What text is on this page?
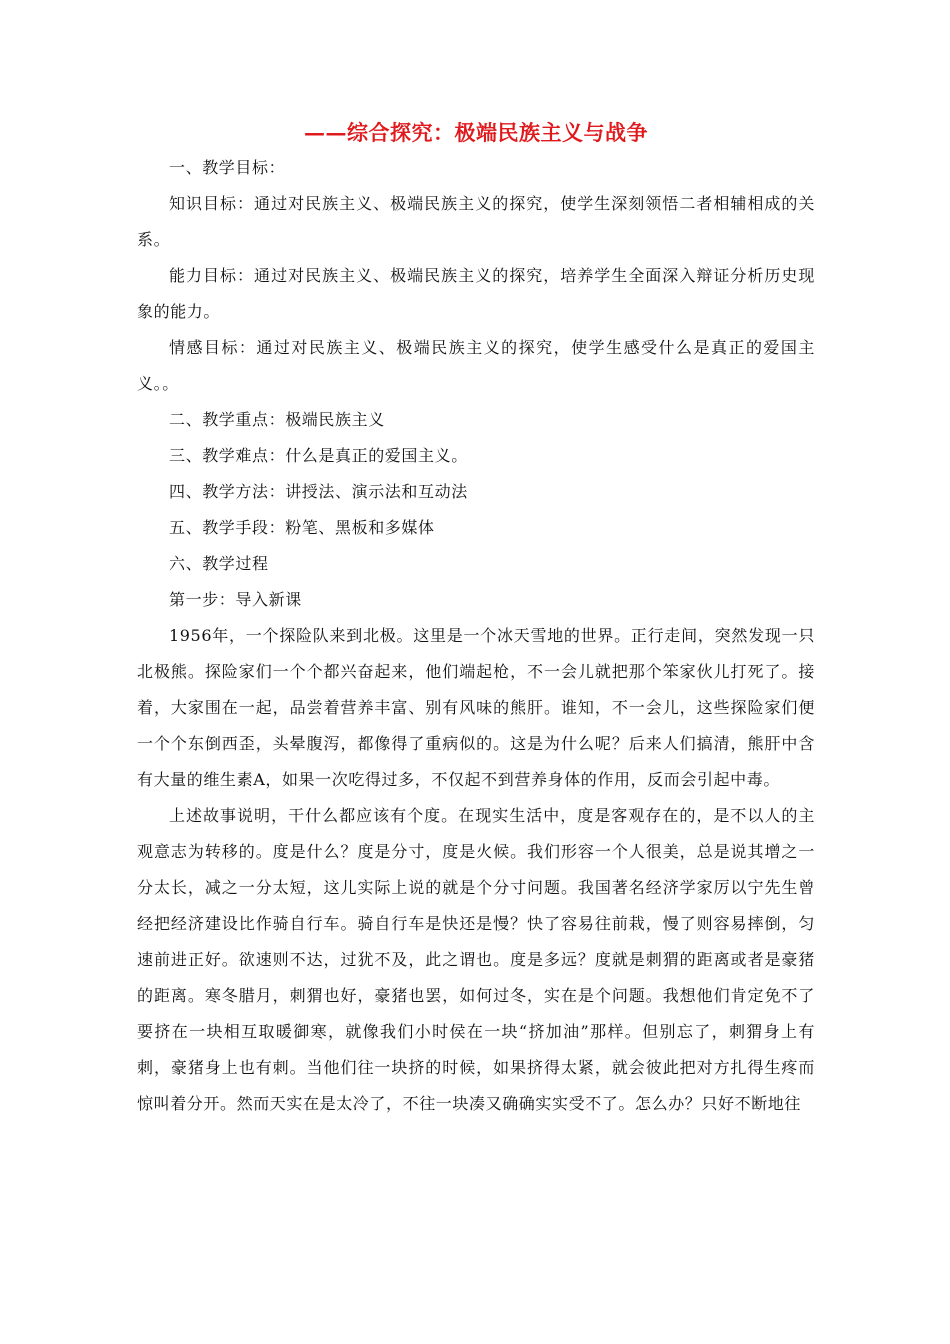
——综合探究：极端民族主义与战争

一、教学目标：

知识目标：通过对民族主义、极端民族主义的探究，使学生深刻领悟二者相辅相成的关系。

能力目标：通过对民族主义、极端民族主义的探究，培养学生全面深入辩证分析历史现象的能力。

情感目标：通过对民族主义、极端民族主义的探究，使学生感受什么是真正的爱国主义。。

二、教学重点：极端民族主义

三、教学难点：什么是真正的爱国主义。

四、教学方法：讲授法、演示法和互动法

五、教学手段：粉笔、黑板和多媒体

六、教学过程

第一步：导入新课

1956年，一个探险队来到北极。这里是一个冰天雪地的世界。正行走间，突然发现一只北极熊。探险家们一个个都兴奋起来，他们端起枪，不一会儿就把那个笨家伙儿打死了。接着，大家围在一起，品尝着营养丰富、别有风味的熊肝。谁知，不一会儿，这些探险家们便一个个东倒西歪，头晕腹泻，都像得了重病似的。这是为什么呢？后来人们搞清，熊肝中含有大量的维生素A，如果一次吃得过多，不仅起不到营养身体的作用，反而会引起中毒。

上述故事说明，干什么都应该有个度。在现实生活中，度是客观存在的，是不以人的主观意志为转移的。度是什么？度是分寸，度是火候。我们形容一个人很美，总是说其增之一分太长，减之一分太短，这儿实际上说的就是个分寸问题。我国著名经济学家厉以宁先生曾经把经济建设比作骑自行车。骑自行车是快还是慢？快了容易往前栽，慢了则容易摔倒，匀速前进正好。欲速则不达，过犹不及，此之谓也。度是多远？度就是刺猬的距离或者是豪猪的距离。寒冬腊月，刺猬也好，豪猪也罢，如何过冬，实在是个问题。我想他们肯定免不了要挤在一块相互取暖御寒，就像我们小时侯在一块“挤加油”那样。但别忘了，刺猬身上有刺，豪猪身上也有刺。当他们往一块挤的时候，如果挤得太紧，就会彼此把对方扎得生疼而惊叫着分开。然而天实在是太冷了，不往一块凑又确确实实受不了。怎么办？只好不断地往
